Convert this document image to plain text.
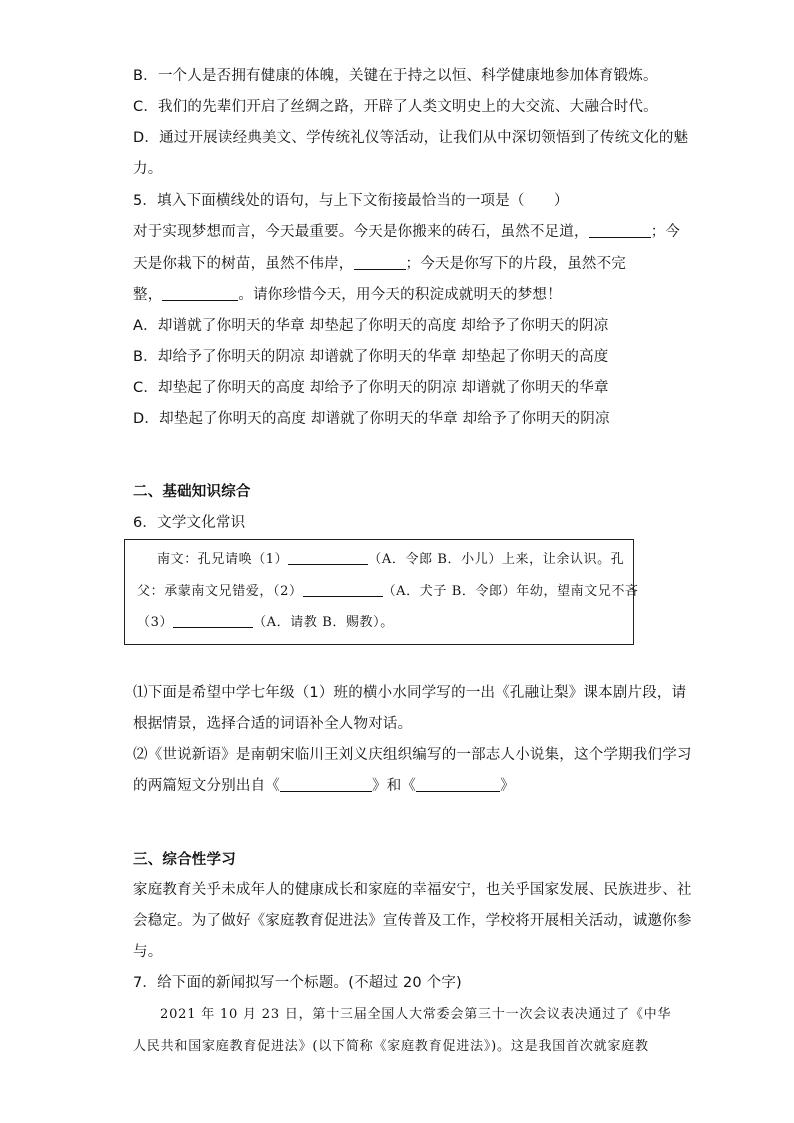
B．一个人是否拥有健康的体魄，关键在于持之以恒、科学健康地参加体育锻炼。
C．我们的先辈们开启了丝绸之路，开辟了人类文明史上的大交流、大融合时代。
D．通过开展读经典美文、学传统礼仪等活动，让我们从中深切领悟到了传统文化的魅
力。
5．填入下面横线处的语句，与上下文衔接最恰当的一项是（　　）
对于实现梦想而言，今天最重要。今天是你搬来的砖石，虽然不足道，	；今
天是你栽下的树苗，虽然不伟岸，	；今天是你写下的片段，虽然不完
整，	。请你珍惜今天，用今天的积淀成就明天的梦想！
A．却谱就了你明天的华章 却垫起了你明天的高度 却给予了你明天的阴凉
B．却给予了你明天的阴凉 却谱就了你明天的华章 却垫起了你明天的高度
C．却垫起了你明天的高度 却给予了你明天的阴凉 却谱就了你明天的华章
D．却垫起了你明天的高度 却谱就了你明天的华章 却给予了你明天的阴凉
二、基础知识综合
6．文学文化常识
南文：孔兄请唤（1）	（A．令郎 B．小儿）上来，让余认识。孔
父：承蒙南文兄错爱，（2）	（A．犬子 B．令郎）年幼，望南文兄不吝
（3）	（A．请教 B．赐教）。
⑴下面是希望中学七年级（1）班的横小水同学写的一出《孔融让梨》课本剧片段，请
根据情景，选择合适的词语补全人物对话。
⑵《世说新语》是南朝宋临川王刘义庆组织编写的一部志人小说集，这个学期我们学习
的两篇短文分别出自《	》和《	》
三、综合性学习
家庭教育关乎未成年人的健康成长和家庭的幸福安宁，也关乎国家发展、民族进步、社
会稳定。为了做好《家庭教育促进法》宣传普及工作，学校将开展相关活动，诚邀你参
与。
7．给下面的新闻拟写一个标题。(不超过 20 个字)
2021 年 10 月 23 日，第十三届全国人大常委会第三十一次会议表决通过了《中华
人民共和国家庭教育促进法》(以下简称《家庭教育促进法》)。这是我国首次就家庭教
